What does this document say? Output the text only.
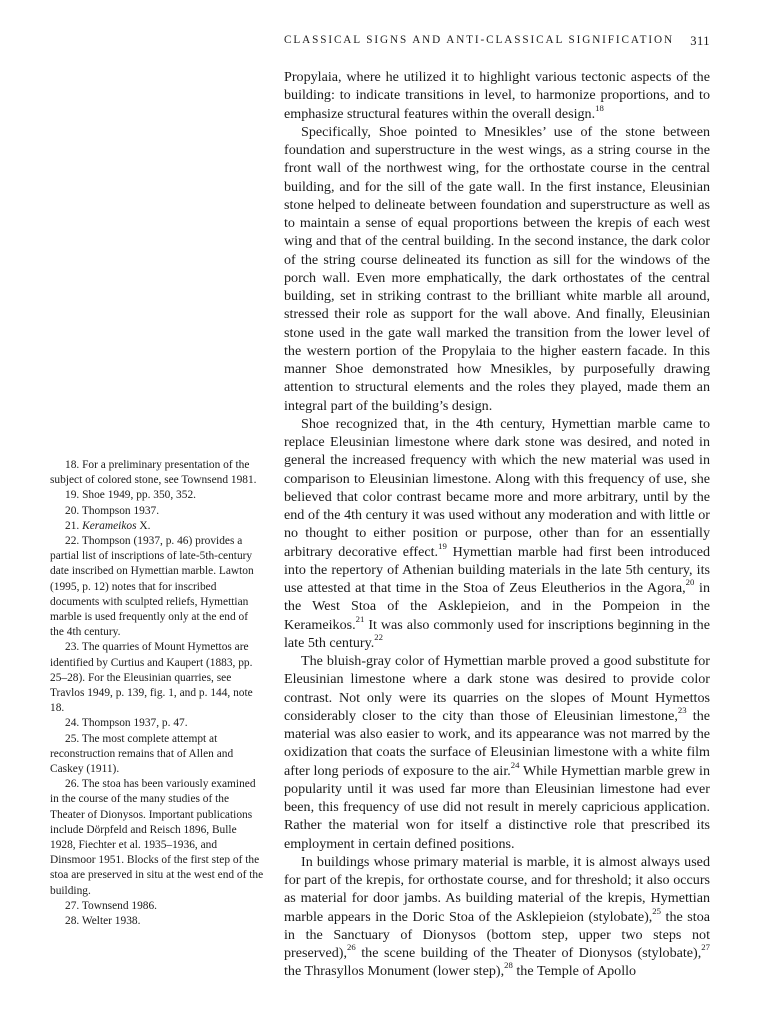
CLASSICAL SIGNS AND ANTI-CLASSICAL SIGNIFICATION 311

Propylaia, where he utilized it to highlight various tectonic aspects of the building: to indicate transitions in level, to harmonize proportions, and to emphasize structural features within the overall design.$^{18}$

Specifically, Shoe pointed to Mnesikles’ use of the stone between foundation and superstructure in the west wings, as a string course in the front wall of the northwest wing, for the orthostate course in the central building, and for the sill of the gate wall. In the first instance, Eleusinian stone helped to delineate between foundation and superstructure as well as to maintain a sense of equal proportions between the krepis of each west wing and that of the central building. In the second instance, the dark color of the string course delineated its function as sill for the windows of the porch wall. Even more emphatically, the dark orthostates of the central building, set in striking contrast to the brilliant white marble all around, stressed their role as support for the wall above. And finally, Eleusinian stone used in the gate wall marked the transition from the lower level of the western portion of the Propylaia to the higher eastern facade. In this manner Shoe demonstrated how Mnesikles, by purposefully drawing attention to structural elements and the roles they played, made them an integral part of the building’s design.

Shoe recognized that, in the 4th century, Hymettian marble came to replace Eleusinian limestone where dark stone was desired, and noted in general the increased frequency with which the new material was used in comparison to Eleusinian limestone. Along with this frequency of use, she believed that color contrast became more and more arbitrary, until by the end of the 4th century it was used without any moderation and with little or no thought to either position or purpose, other than for an essentially arbitrary decorative effect.$^{19}$ Hymettian marble had first been introduced into the repertory of Athenian building materials in the late 5th century, its use attested at that time in the Stoa of Zeus Eleutherios in the Agora,$^{20}$ in the West Stoa of the Asklepieion, and in the Pompeion in the Kerameikos.$^{21}$ It was also commonly used for inscriptions beginning in the late 5th century.$^{22}$

The bluish-gray color of Hymettian marble proved a good substitute for Eleusinian limestone where a dark stone was desired to provide color contrast. Not only were its quarries on the slopes of Mount Hymettos considerably closer to the city than those of Eleusinian limestone,$^{23}$ the material was also easier to work, and its appearance was not marred by the oxidization that coats the surface of Eleusinian limestone with a white film after long periods of exposure to the air.$^{24}$ While Hymettian marble grew in popularity until it was used far more than Eleusinian limestone had ever been, this frequency of use did not result in merely capricious application. Rather the material won for itself a distinctive role that prescribed its employment in certain defined positions.

In buildings whose primary material is marble, it is almost always used for part of the krepis, for orthostate course, and for threshold; it also occurs as material for door jambs. As building material of the krepis, Hymettian marble appears in the Doric Stoa of the Asklepieion (stylobate),$^{25}$ the stoa in the Sanctuary of Dionysos (bottom step, upper two steps not preserved),$^{26}$ the scene building of the Theater of Dionysos (stylobate),$^{27}$ the Thrasyllos Monument (lower step),$^{28}$ the Temple of Apollo

18. For a preliminary presentation of the subject of colored stone, see Townsend 1981.

19. Shoe 1949, pp. 350, 352.

20. Thompson 1937.

21. Kerameikos X.

22. Thompson (1937, p. 46) provides a partial list of inscriptions of late-5th-century date inscribed on Hymettian marble. Lawton (1995, p. 12) notes that for inscribed documents with sculpted reliefs, Hymettian marble is used frequently only at the end of the 4th century.

23. The quarries of Mount Hymettos are identified by Curtius and Kaupert (1883, pp. 25–28). For the Eleusinian quarries, see Travlos 1949, p. 139, fig. 1, and p. 144, note 18.

24. Thompson 1937, p. 47.

25. The most complete attempt at reconstruction remains that of Allen and Caskey (1911).

26. The stoa has been variously examined in the course of the many studies of the Theater of Dionysos. Important publications include Dörpfeld and Reisch 1896, Bulle 1928, Fiechter et al. 1935–1936, and Dinsmoor 1951. Blocks of the first step of the stoa are preserved in situ at the west end of the building.

27. Townsend 1986.

28. Welter 1938.
